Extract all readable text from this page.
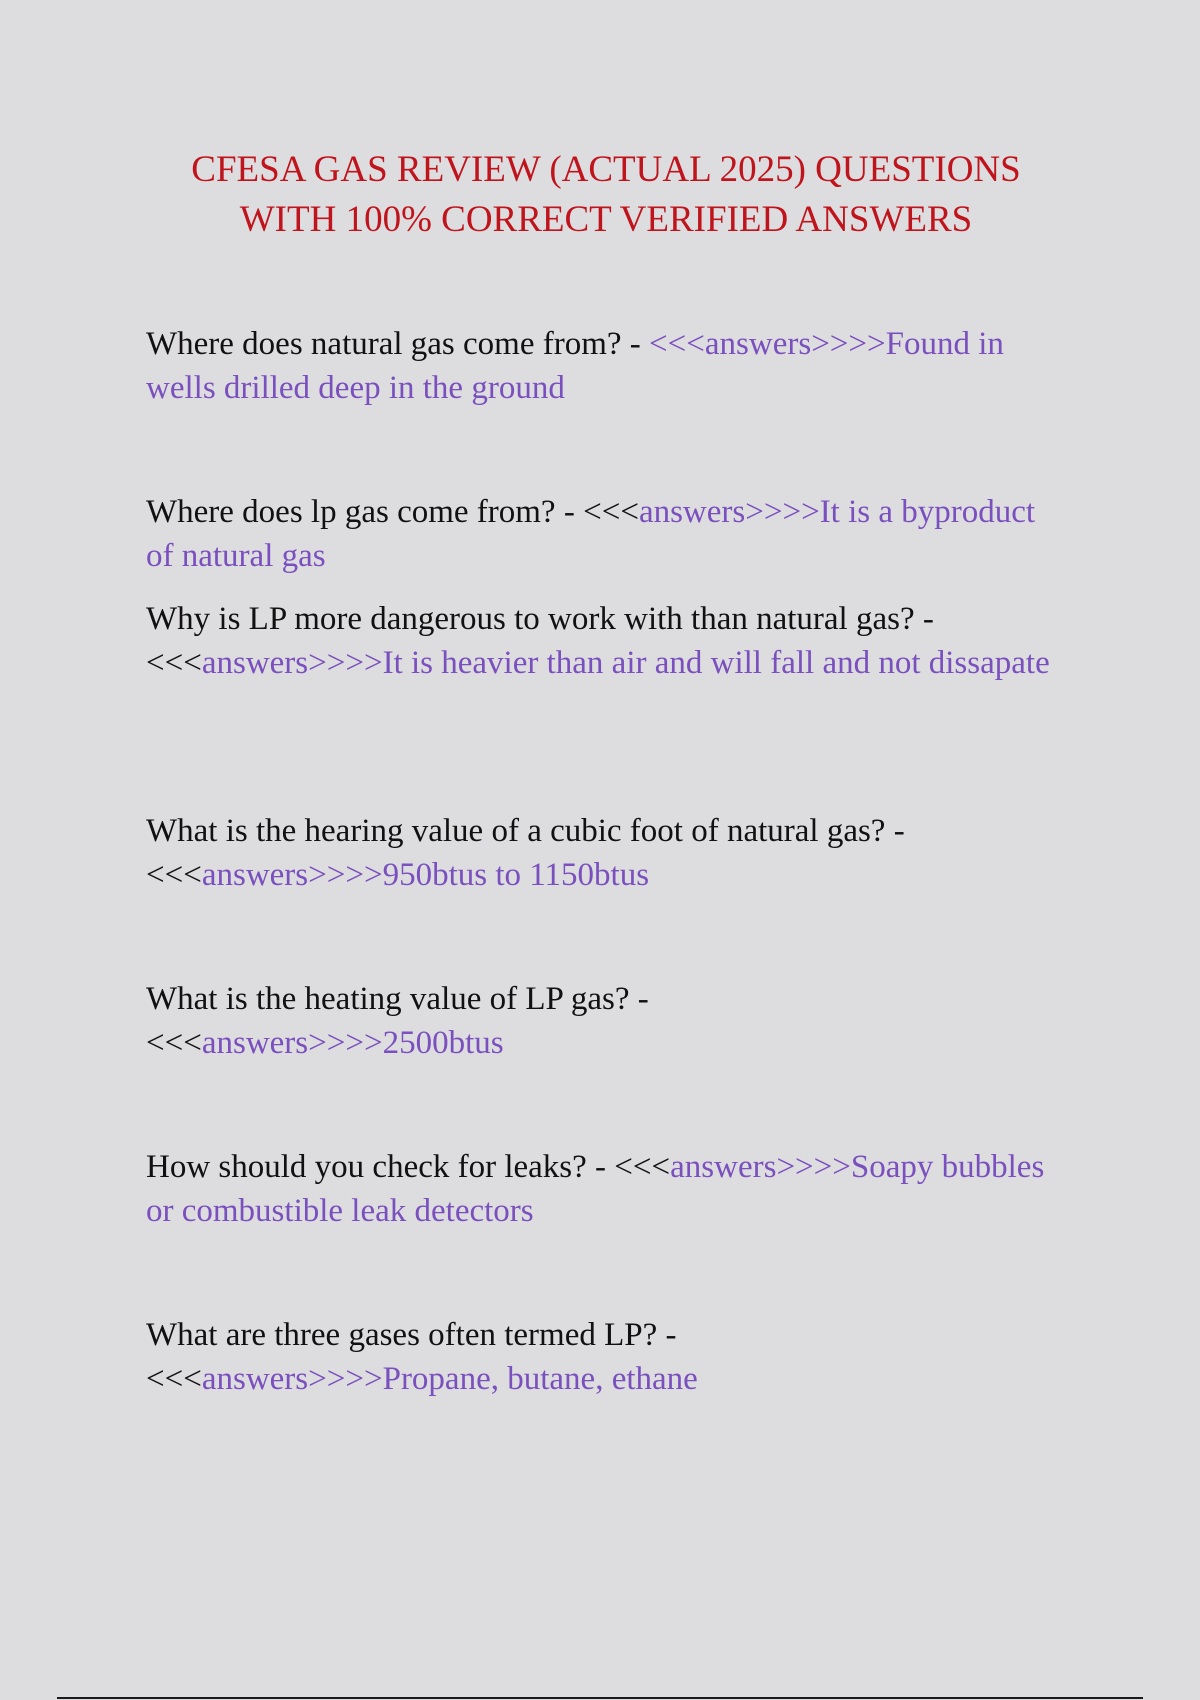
CFESA GAS REVIEW (ACTUAL 2025) QUESTIONS
WITH 100% CORRECT VERIFIED ANSWERS

Where does natural gas come from? - <<<answers>>>>Found in wells drilled deep in the ground

Where does lp gas come from? - <<<answers>>>>It is a byproduct of natural gas

Why is LP more dangerous to work with than natural gas? -
<<<answers>>>>It is heavier than air and will fall and not dissapate

What is the hearing value of a cubic foot of natural gas? -
<<<answers>>>>950btus to 1150btus

What is the heating value of LP gas? -
<<<answers>>>>2500btus

How should you check for leaks? - <<<answers>>>>Soapy bubbles or combustible leak detectors

What are three gases often termed LP? -
<<<answers>>>>Propane, butane, ethane
